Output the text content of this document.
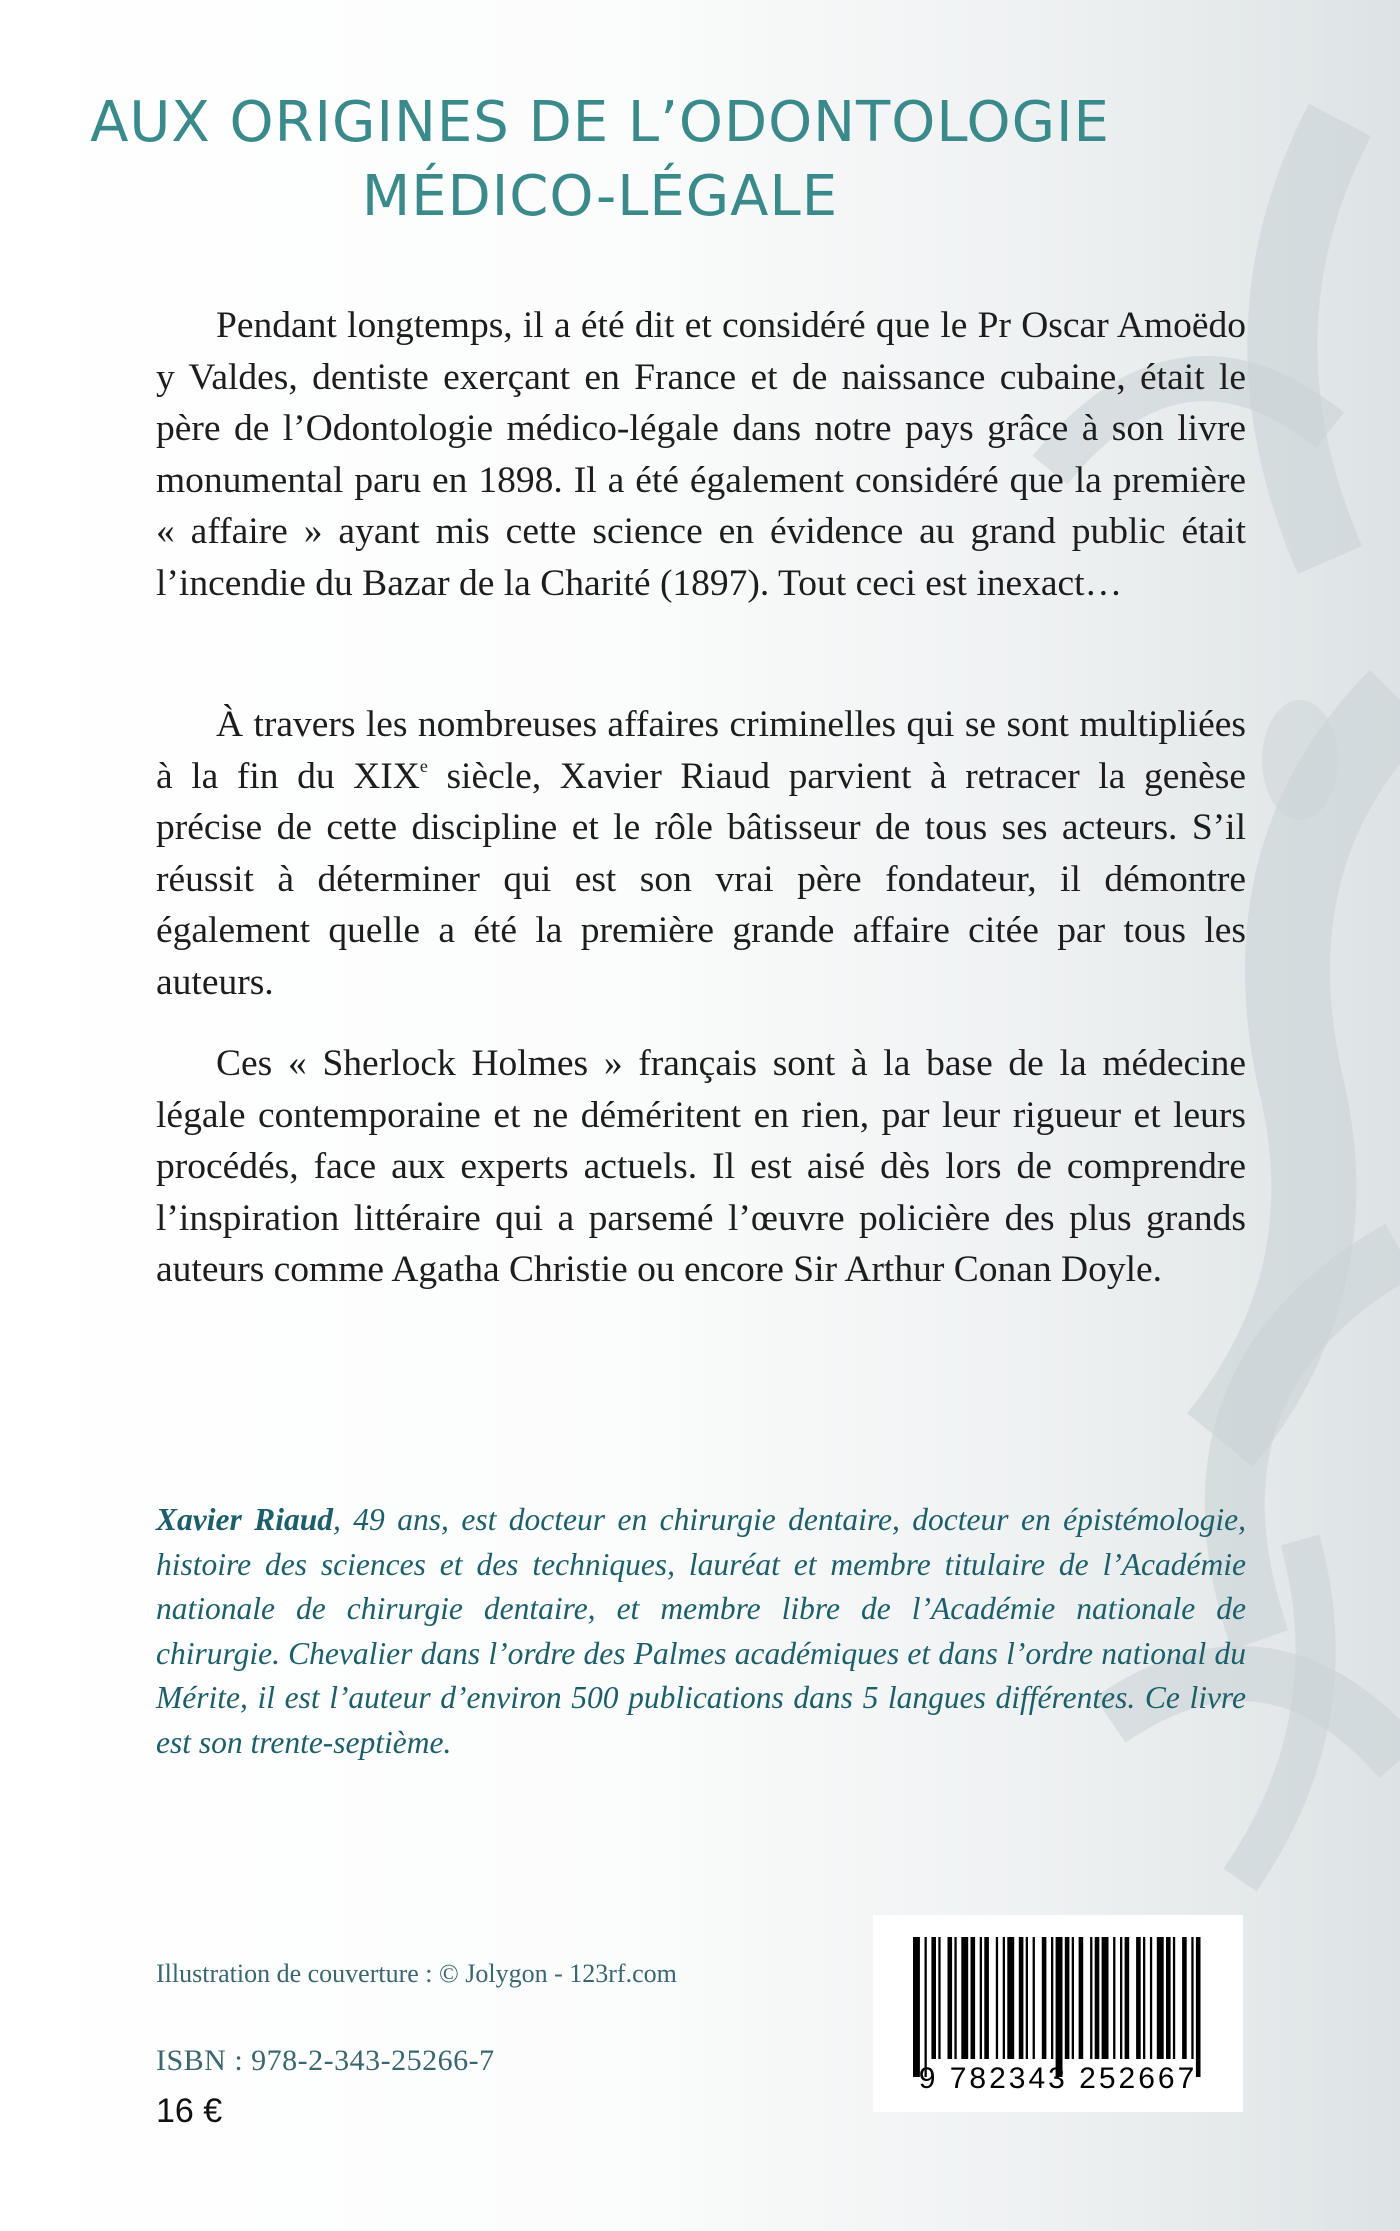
AUX ORIGINES DE L’ODONTOLOGIE
MÉDICO-LÉGALE

Pendant longtemps, il a été dit et considéré que le Pr Oscar Amoëdo y Valdes, dentiste exerçant en France et de naissance cubaine, était le père de l’Odontologie médico-légale dans notre pays grâce à son livre monumental paru en 1898. Il a été également considéré que la première « affaire » ayant mis cette science en évidence au grand public était l’incendie du Bazar de la Charité (1897). Tout ceci est inexact…

À travers les nombreuses affaires criminelles qui se sont multipliées à la fin du XIXe siècle, Xavier Riaud parvient à retracer la genèse précise de cette discipline et le rôle bâtisseur de tous ses acteurs. S’il réussit à déterminer qui est son vrai père fondateur, il démontre également quelle a été la première grande affaire citée par tous les auteurs.

Ces « Sherlock Holmes » français sont à la base de la médecine légale contemporaine et ne déméritent en rien, par leur rigueur et leurs procédés, face aux experts actuels. Il est aisé dès lors de comprendre l’inspiration littéraire qui a parsemé l’œuvre policière des plus grands auteurs comme Agatha Christie ou encore Sir Arthur Conan Doyle.

Xavier Riaud, 49 ans, est docteur en chirurgie dentaire, docteur en épistémologie, histoire des sciences et des techniques, lauréat et membre titulaire de l’Académie nationale de chirurgie dentaire, et membre libre de l’Académie nationale de chirurgie. Chevalier dans l’ordre des Palmes académiques et dans l’ordre national du Mérite, il est l’auteur d’environ 500 publications dans 5 langues différentes. Ce livre est son trente-septième.

Illustration de couverture : © Jolygon - 123rf.com
ISBN : 978-2-343-25266-7
16 €
9 782343 252667
